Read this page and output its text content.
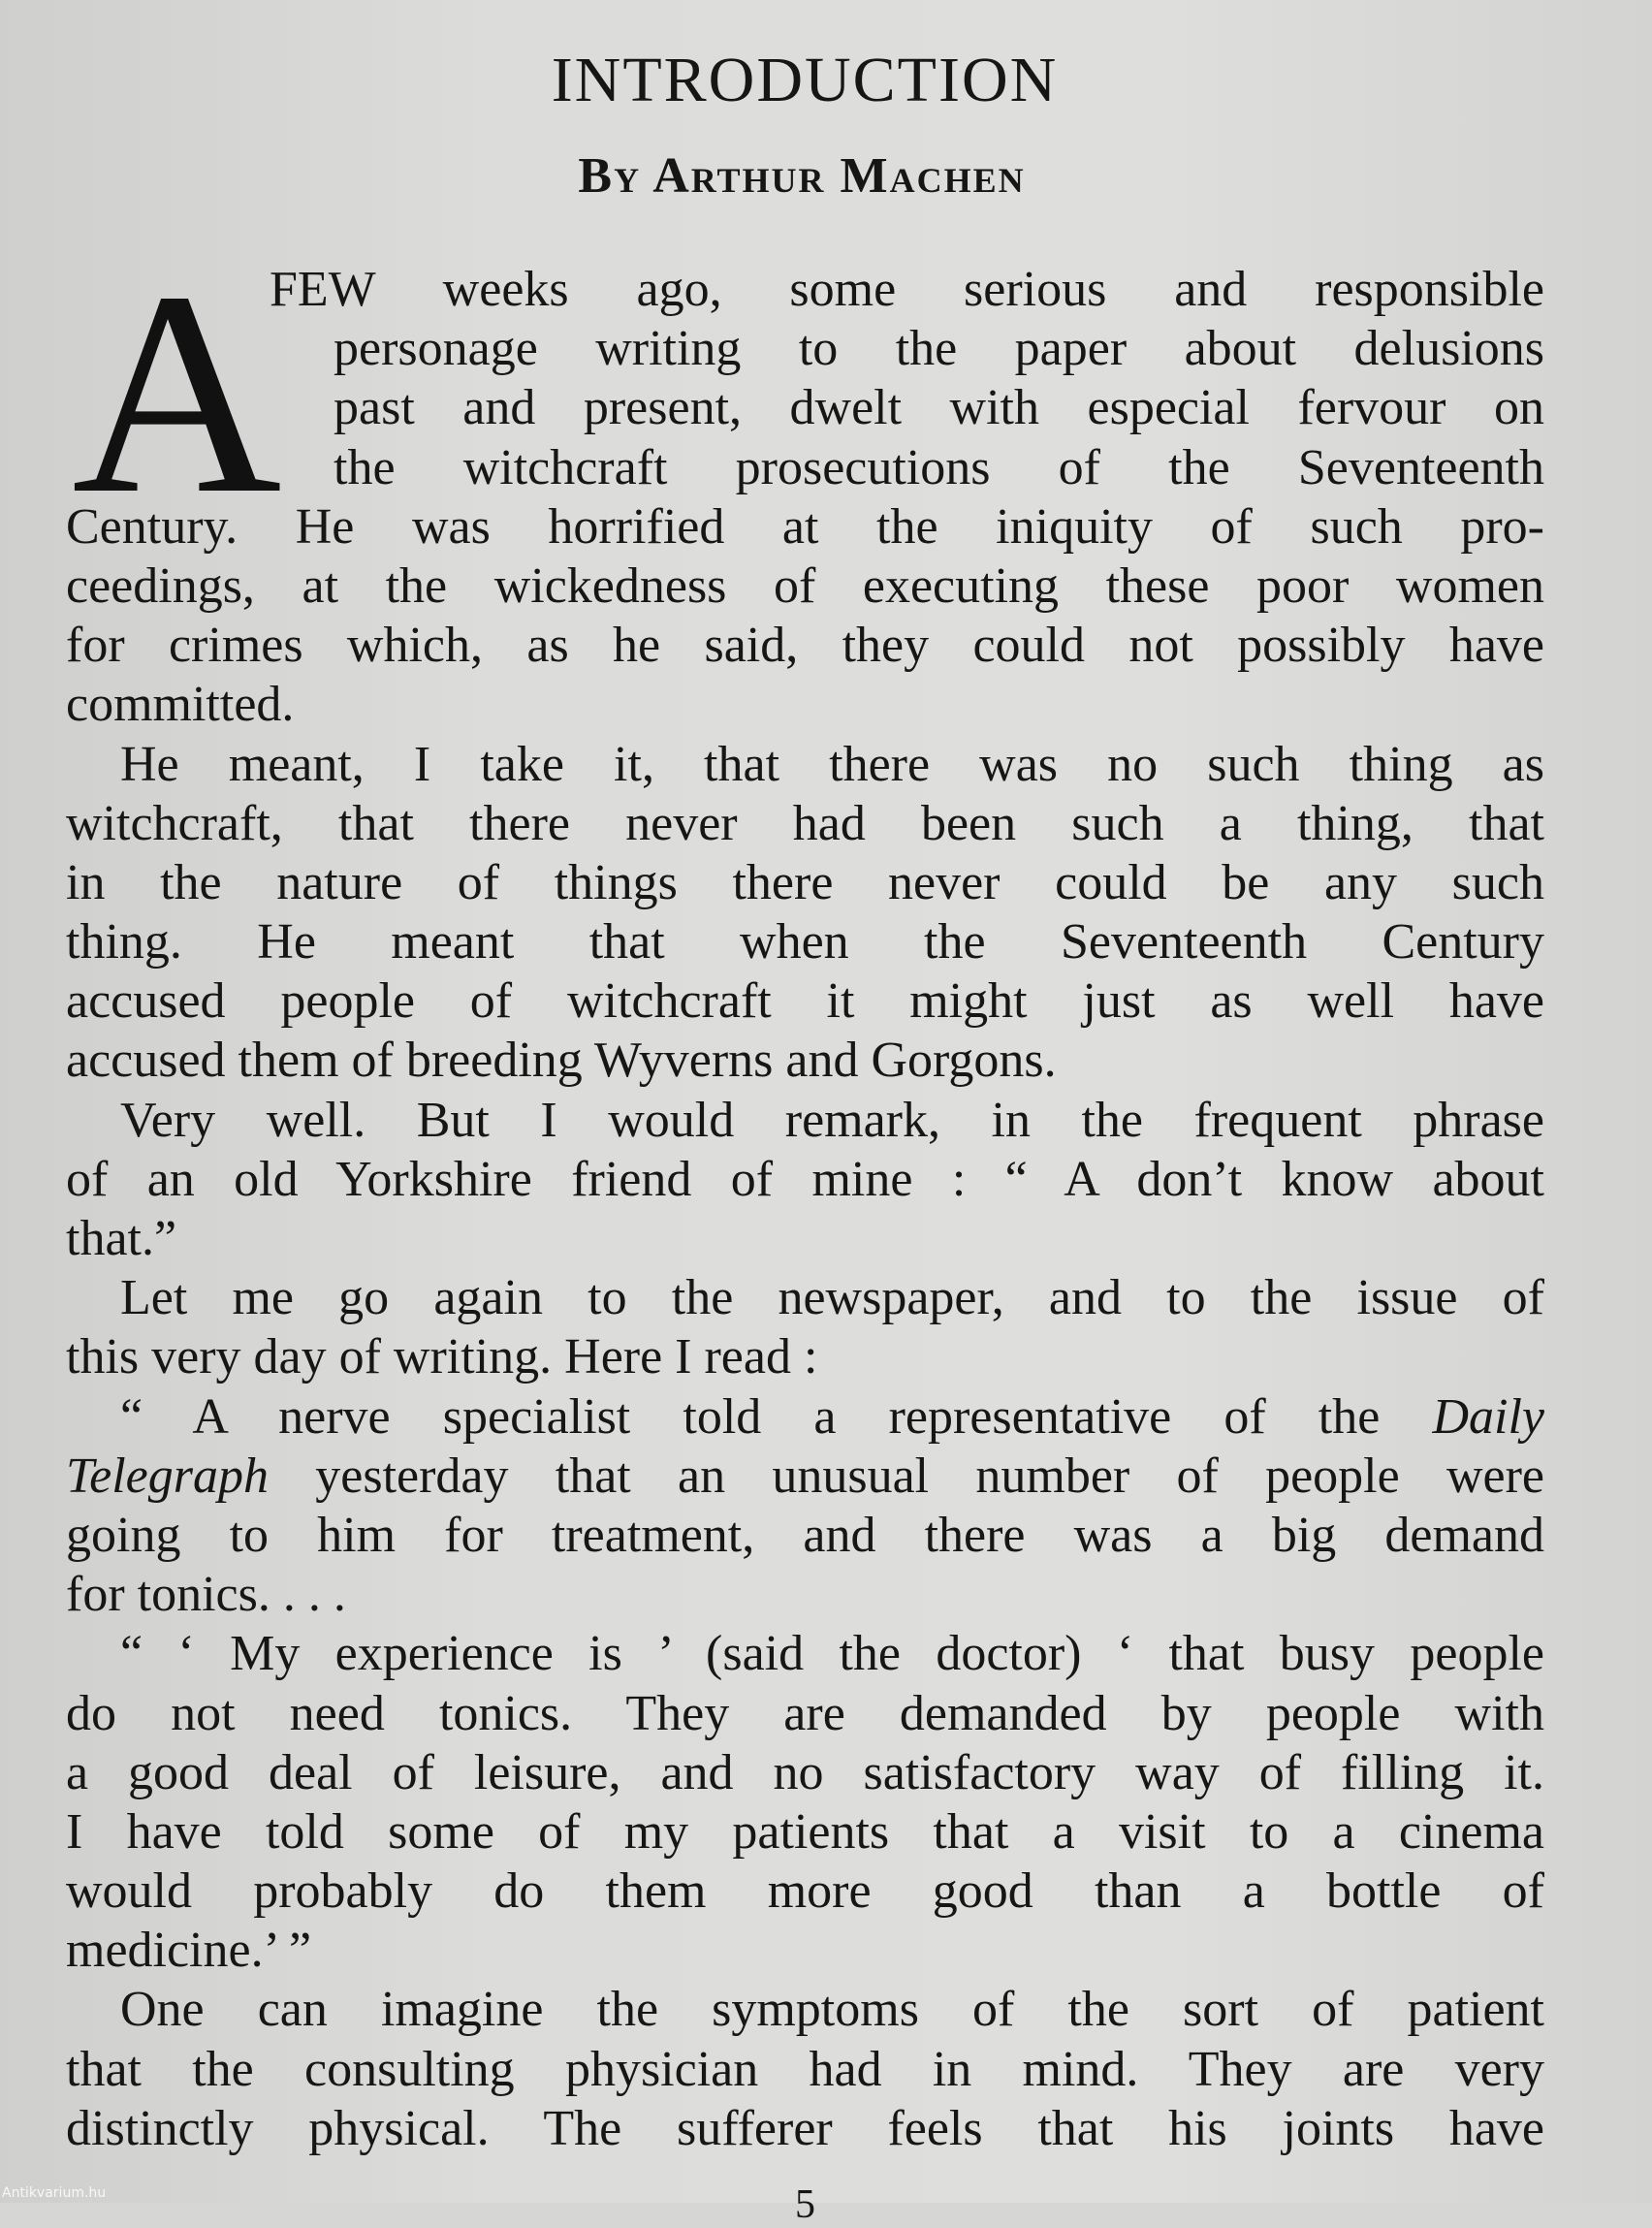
INTRODUCTION
By Arthur Machen
A
FEW weeks ago, some serious and responsible
personage writing to the paper about delusions
past and present, dwelt with especial fervour on
the witchcraft prosecutions of the Seventeenth
Century. He was horrified at the iniquity of such pro-
ceedings, at the wickedness of executing these poor women
for crimes which, as he said, they could not possibly have
committed.
He meant, I take it, that there was no such thing as
witchcraft, that there never had been such a thing, that
in the nature of things there never could be any such
thing. He meant that when the Seventeenth Century
accused people of witchcraft it might just as well have
accused them of breeding Wyverns and Gorgons.
Very well. But I would remark, in the frequent phrase
of an old Yorkshire friend of mine : “ A don’t know about
that.”
Let me go again to the newspaper, and to the issue of
this very day of writing. Here I read :
“ A nerve specialist told a representative of the Daily
Telegraph yesterday that an unusual number of people were
going to him for treatment, and there was a big demand
for tonics. . . .
“ ‘ My experience is ’ (said the doctor) ‘ that busy people
do not need tonics. They are demanded by people with
a good deal of leisure, and no satisfactory way of filling it.
I have told some of my patients that a visit to a cinema
would probably do them more good than a bottle of
medicine.’ ”
One can imagine the symptoms of the sort of patient
that the consulting physician had in mind. They are very
distinctly physical. The sufferer feels that his joints have
5
Antikvarium.hu
